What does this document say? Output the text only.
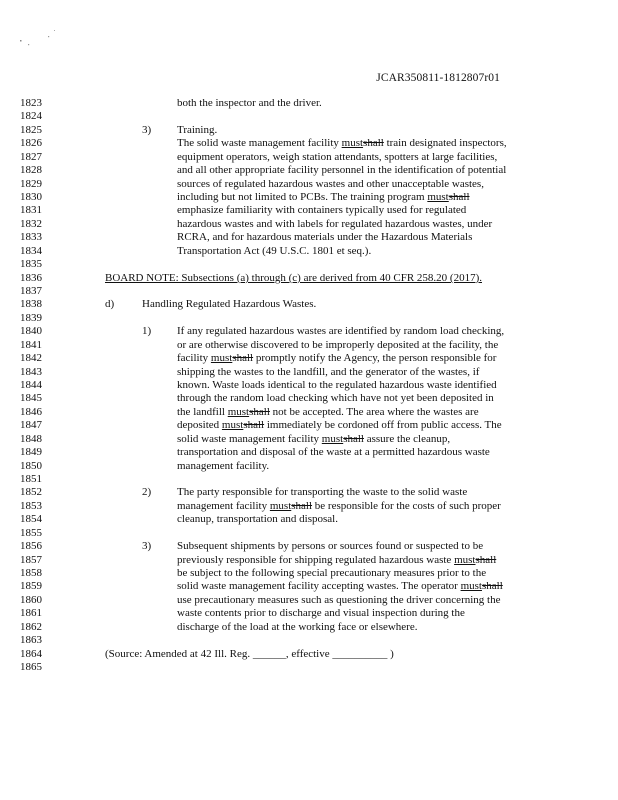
JCAR350811-1812807r01
1823
1824
1825
1826
1827
1828
1829
1830
1831
1832
1833
1834
1835
1836
1837
1838
1839
1840
1841
1842
1843
1844
1845
1846
1847
1848
1849
1850
1851
1852
1853
1854
1855
1856
1857
1858
1859
1860
1861
1862
1863
1864
1865
both the inspector and the driver.
3) Training.
The solid waste management facility mustshall train designated inspectors,
equipment operators, weigh station attendants, spotters at large facilities,
and all other appropriate facility personnel in the identification of potential
sources of regulated hazardous wastes and other unacceptable wastes,
including but not limited to PCBs. The training program mustshall
emphasize familiarity with containers typically used for regulated
hazardous wastes and with labels for regulated hazardous wastes, under
RCRA, and for hazardous materials under the Hazardous Materials
Transportation Act (49 U.S.C. 1801 et seq.).
BOARD NOTE: Subsections (a) through (c) are derived from 40 CFR 258.20 (2017).
d)	Handling Regulated Hazardous Wastes.
1) If any regulated hazardous wastes are identified by random load checking,
or are otherwise discovered to be improperly deposited at the facility, the
facility mustshall promptly notify the Agency, the person responsible for
shipping the wastes to the landfill, and the generator of the wastes, if
known. Waste loads identical to the regulated hazardous waste identified
through the random load checking which have not yet been deposited in
the landfill mustshall not be accepted. The area where the wastes are
deposited mustshall immediately be cordoned off from public access. The
solid waste management facility mustshall assure the cleanup,
transportation and disposal of the waste at a permitted hazardous waste
management facility.
2) The party responsible for transporting the waste to the solid waste
management facility mustshall be responsible for the costs of such proper
cleanup, transportation and disposal.
3) Subsequent shipments by persons or sources found or suspected to be
previously responsible for shipping regulated hazardous waste mustshall
be subject to the following special precautionary measures prior to the
solid waste management facility accepting wastes. The operator mustshall
use precautionary measures such as questioning the driver concerning the
waste contents prior to discharge and visual inspection during the
discharge of the load at the working face or elsewhere.
(Source: Amended at 42 Ill. Reg. ______, effective __________ )
